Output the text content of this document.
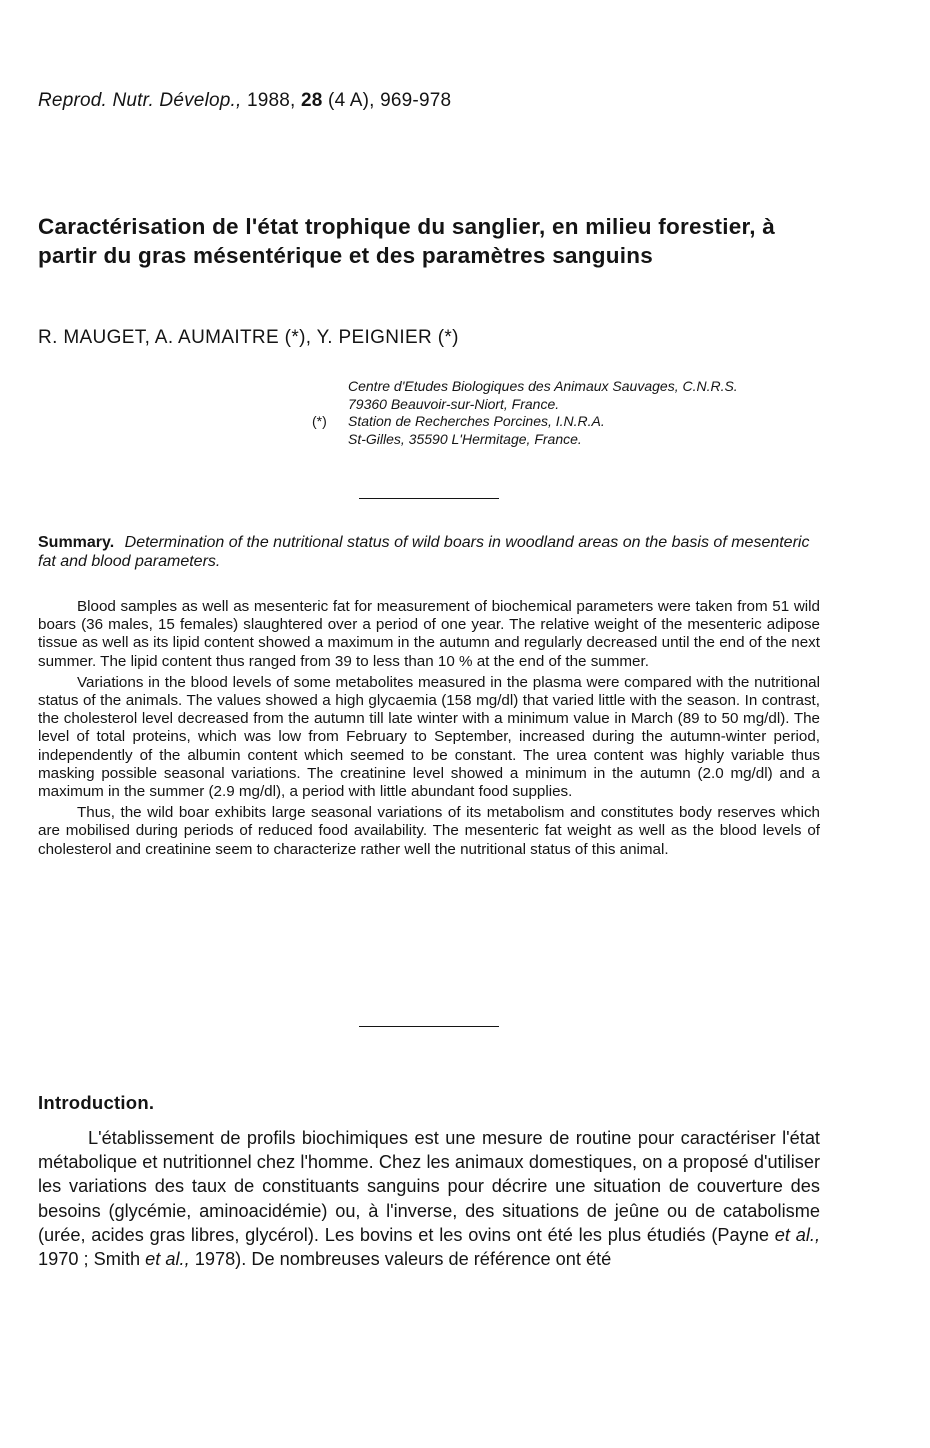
Reprod. Nutr. Dévelop., 1988, 28 (4 A), 969-978
Caractérisation de l'état trophique du sanglier, en milieu forestier, à partir du gras mésentérique et des paramètres sanguins
R. MAUGET, A. AUMAITRE (*), Y. PEIGNIER (*)
Centre d'Etudes Biologiques des Animaux Sauvages, C.N.R.S.
79360 Beauvoir-sur-Niort, France.
(*) Station de Recherches Porcines, I.N.R.A.
St-Gilles, 35590 L'Hermitage, France.

Summary. Determination of the nutritional status of wild boars in woodland areas on the basis of mesenteric fat and blood parameters.

Blood samples as well as mesenteric fat for measurement of biochemical parameters were taken from 51 wild boars (36 males, 15 females) slaughtered over a period of one year. The relative weight of the mesenteric adipose tissue as well as its lipid content showed a maximum in the autumn and regularly decreased until the end of the next summer. The lipid content thus ranged from 39 to less than 10 % at the end of the summer.

Variations in the blood levels of some metabolites measured in the plasma were compared with the nutritional status of the animals. The values showed a high glycaemia (158 mg/dl) that varied little with the season. In contrast, the cholesterol level decreased from the autumn till late winter with a minimum value in March (89 to 50 mg/dl). The level of total proteins, which was low from February to September, increased during the autumn-winter period, independently of the albumin content which seemed to be constant. The urea content was highly variable thus masking possible seasonal variations. The creatinine level showed a minimum in the autumn (2.0 mg/dl) and a maximum in the summer (2.9 mg/dl), a period with little abundant food supplies.

Thus, the wild boar exhibits large seasonal variations of its metabolism and constitutes body reserves which are mobilised during periods of reduced food availability. The mesenteric fat weight as well as the blood levels of cholesterol and creatinine seem to characterize rather well the nutritional status of this animal.

Introduction.

L'établissement de profils biochimiques est une mesure de routine pour caractériser l'état métabolique et nutritionnel chez l'homme. Chez les animaux domestiques, on a proposé d'utiliser les variations des taux de constituants sanguins pour décrire une situation de couverture des besoins (glycémie, aminoacidémie) ou, à l'inverse, des situations de jeûne ou de catabolisme (urée, acides gras libres, glycérol). Les bovins et les ovins ont été les plus étudiés (Payne et al., 1970 ; Smith et al., 1978). De nombreuses valeurs de référence ont été
